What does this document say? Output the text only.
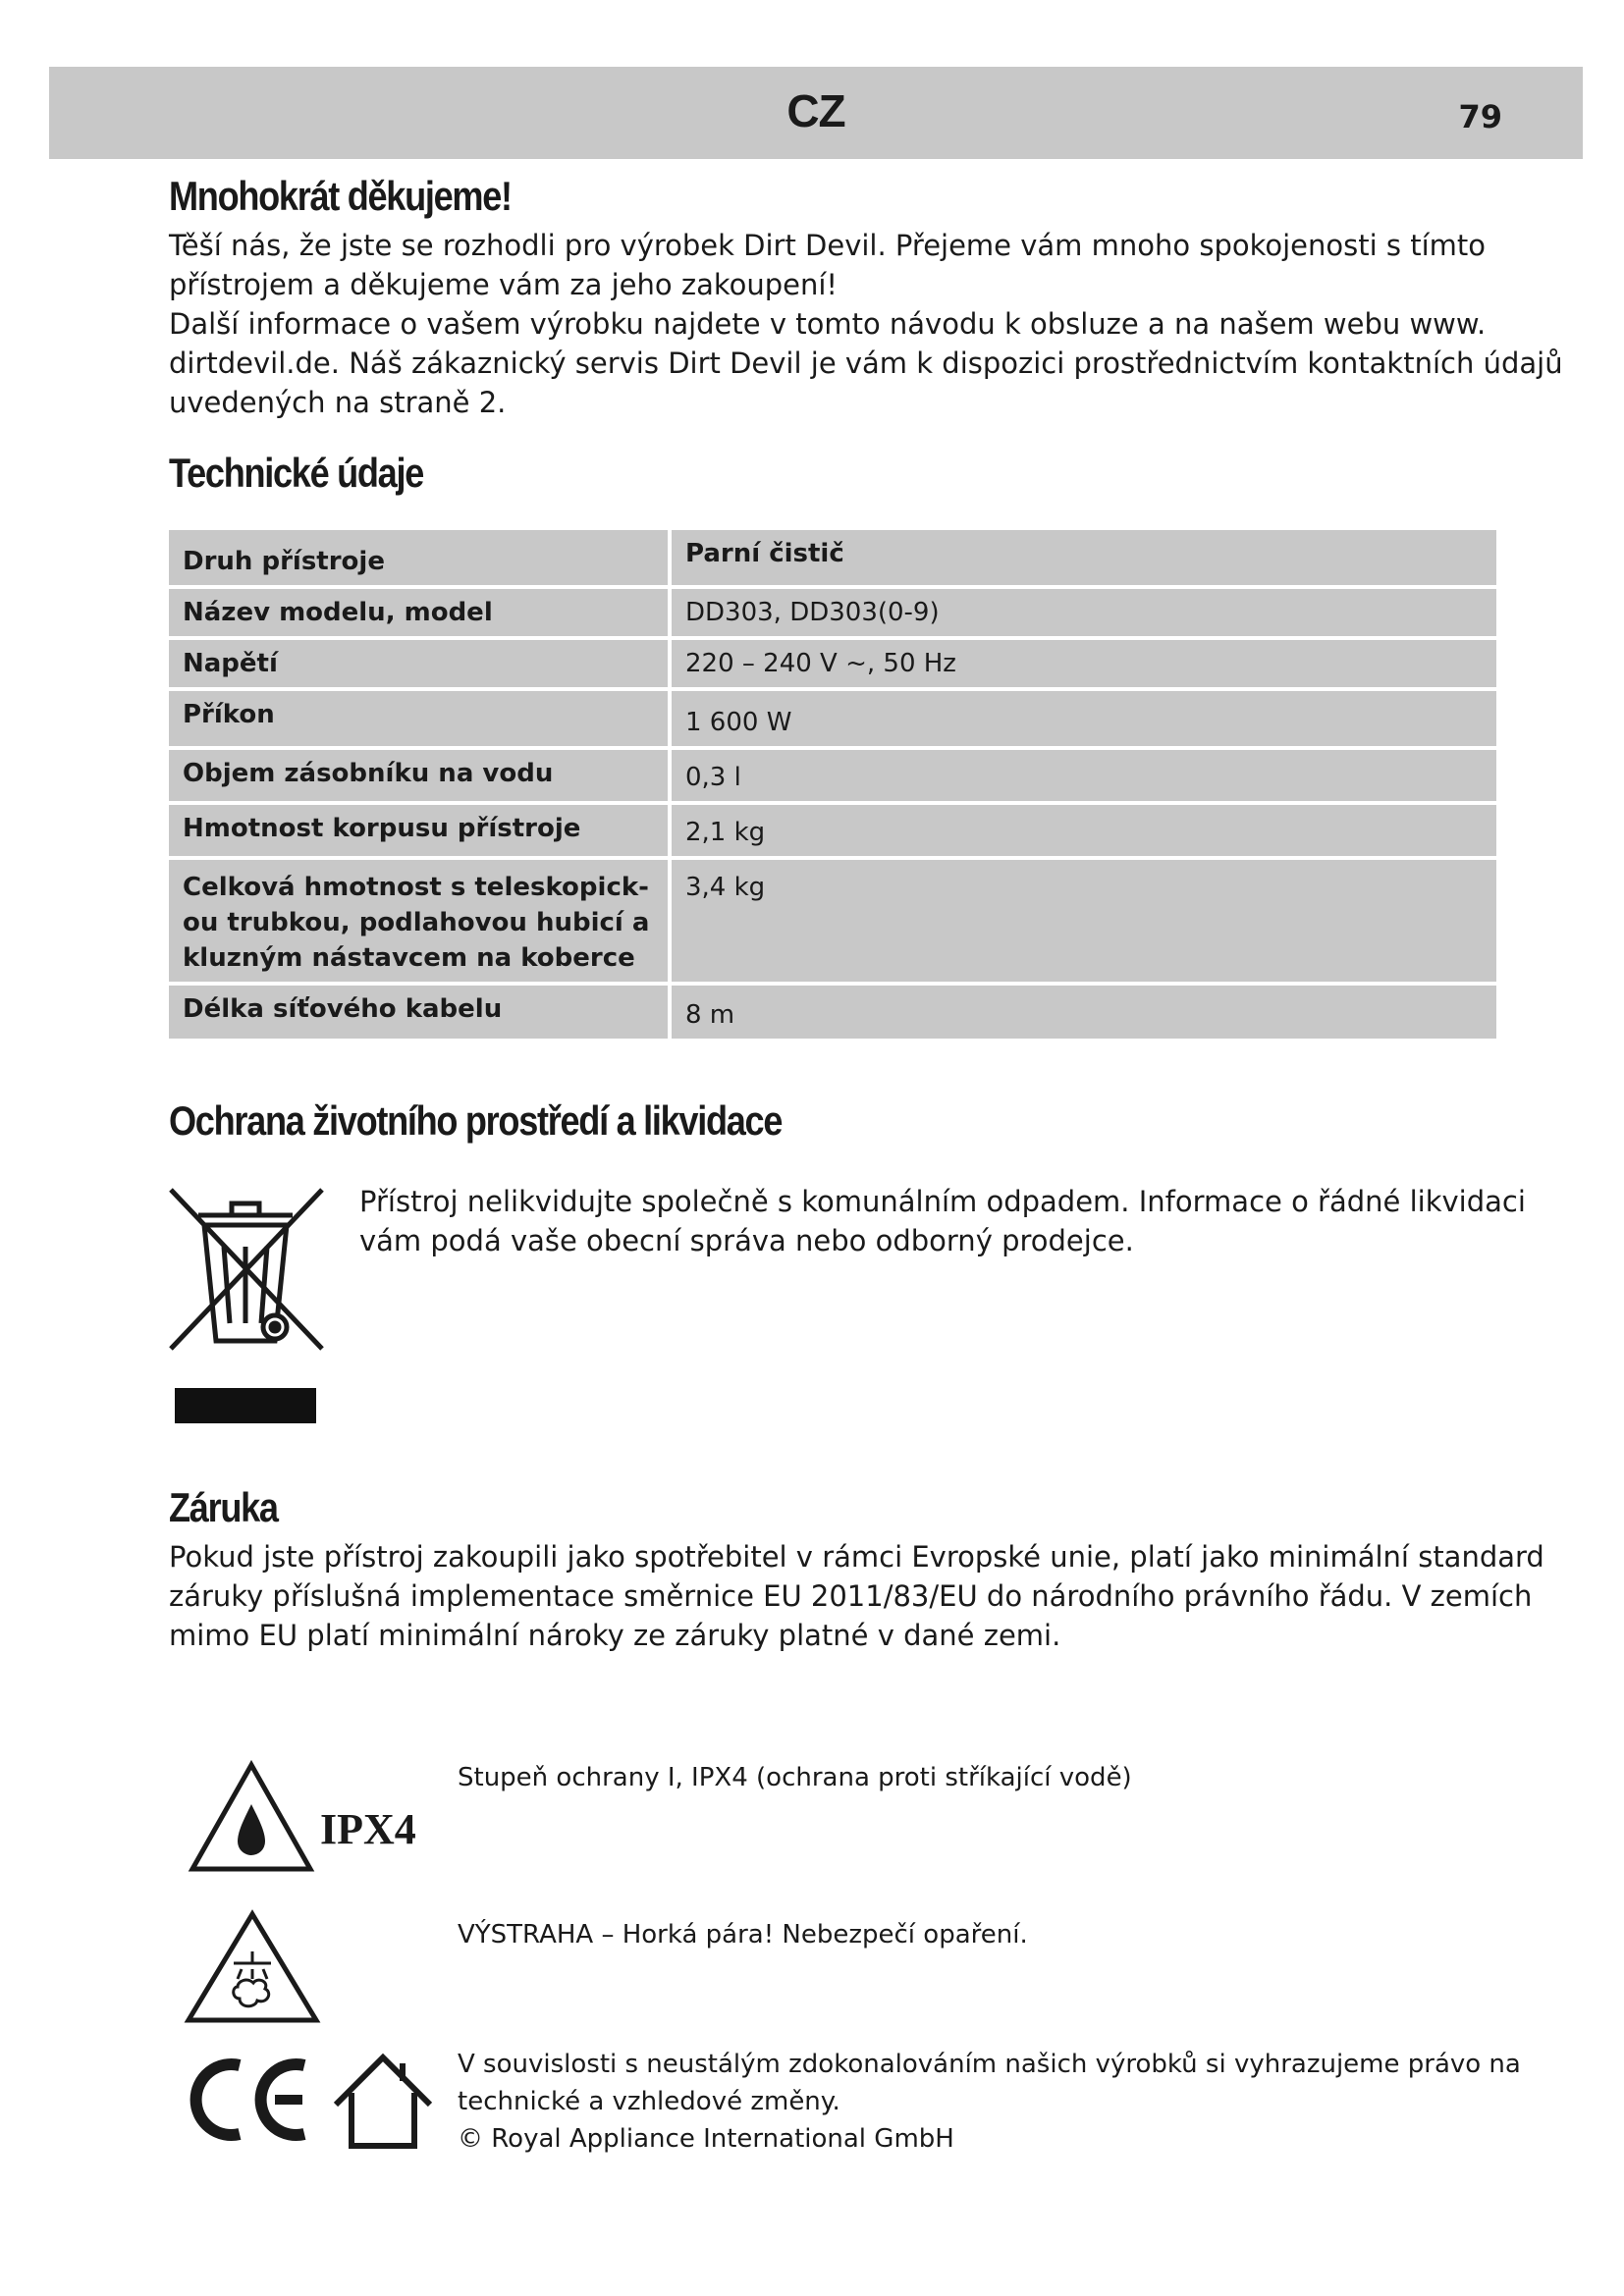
CZ	79
Mnohokrát děkujeme!
Těší nás, že jste se rozhodli pro výrobek Dirt Devil. Přejeme vám mnoho spokojenosti s tímto
přístrojem a děkujeme vám za jeho zakoupení!
Další informace o vašem výrobku najdete v tomto návodu k obsluze a na našem webu www.
dirtdevil.de. Náš zákaznický servis Dirt Devil je vám k dispozici prostřednictvím kontaktních údajů
uvedených na straně 2.
Technické údaje
Druh přístroje	Parní čistič
Název modelu, model	DD303, DD303(0-9)
Napětí	220 – 240 V ~, 50 Hz
Příkon	1 600 W
Objem zásobníku na vodu	0,3 l
Hmotnost korpusu přístroje	2,1 kg

Celková hmotnost s teleskopick-
ou trubkou, podlahovou hubicí a
kluzným nástavcem na koberce	3,4 kg
Délka síťového kabelu	8 m
Ochrana životního prostředí a likvidace
Přístroj nelikvidujte společně s komunálním odpadem. Informace o řádné likvidaci
vám podá vaše obecní správa nebo odborný prodejce.
Záruka
Pokud jste přístroj zakoupili jako spotřebitel v rámci Evropské unie, platí jako minimální standard
záruky příslušná implementace směrnice EU 2011/83/EU do národního právního řádu. V zemích
mimo EU platí minimální nároky ze záruky platné v dané zemi.
IPX4
Stupeň ochrany I, IPX4 (ochrana proti stříkající vodě)
VÝSTRAHA – Horká pára! Nebezpečí opaření.
V souvislosti s neustálým zdokonalováním našich výrobků si vyhrazujeme právo na
technické a vzhledové změny.
© Royal Appliance International GmbH
